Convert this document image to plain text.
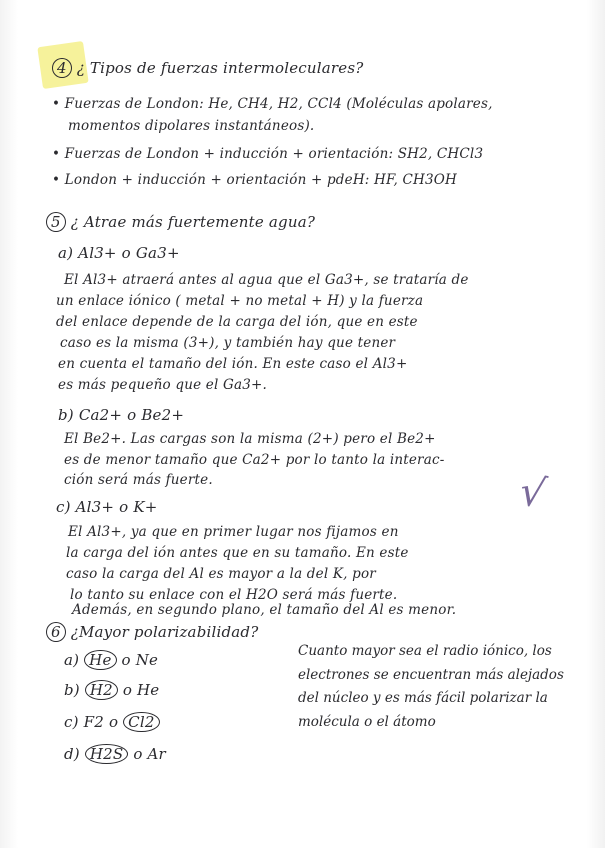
4 ¿ Tipos de fuerzas intermoleculares?
• Fuerzas de London: He, CH4, H2, CCl4 (Moléculas apolares,
momentos dipolares instantáneos).
• Fuerzas de London + inducción + orientación: SH2, CHCl3
• London + inducción + orientación + pdeH: HF, CH3OH
5 ¿ Atrae más fuertemente agua?
a) Al3+ o Ga3+
El Al3+ atraerá antes al agua que el Ga3+, se trataría de
un enlace iónico ( metal + no metal + H) y la fuerza
del enlace depende de la carga del ión, que en este
caso es la misma (3+), y también hay que tener
en cuenta el tamaño del ión. En este caso el Al3+
es más pequeño que el Ga3+.
b) Ca2+ o Be2+
El Be2+. Las cargas son la misma (2+) pero el Be2+
es de menor tamaño que Ca2+ por lo tanto la interac-
ción será más fuerte.
c) Al3+ o K+
El Al3+, ya que en primer lugar nos fijamos en
la carga del ión antes que en su tamaño. En este
caso la carga del Al es mayor a la del K, por
lo tanto su enlace con el H2O será más fuerte.
Además, en segundo plano, el tamaño del Al es menor.
√
6 ¿Mayor polarizabilidad?
a) He o Ne
b) H2 o He
c) F2 o Cl2
d) H2S o Ar
Cuanto mayor sea el radio iónico, los electrones se encuentran más alejados del núcleo y es más fácil polarizar la molécula o el átomo
